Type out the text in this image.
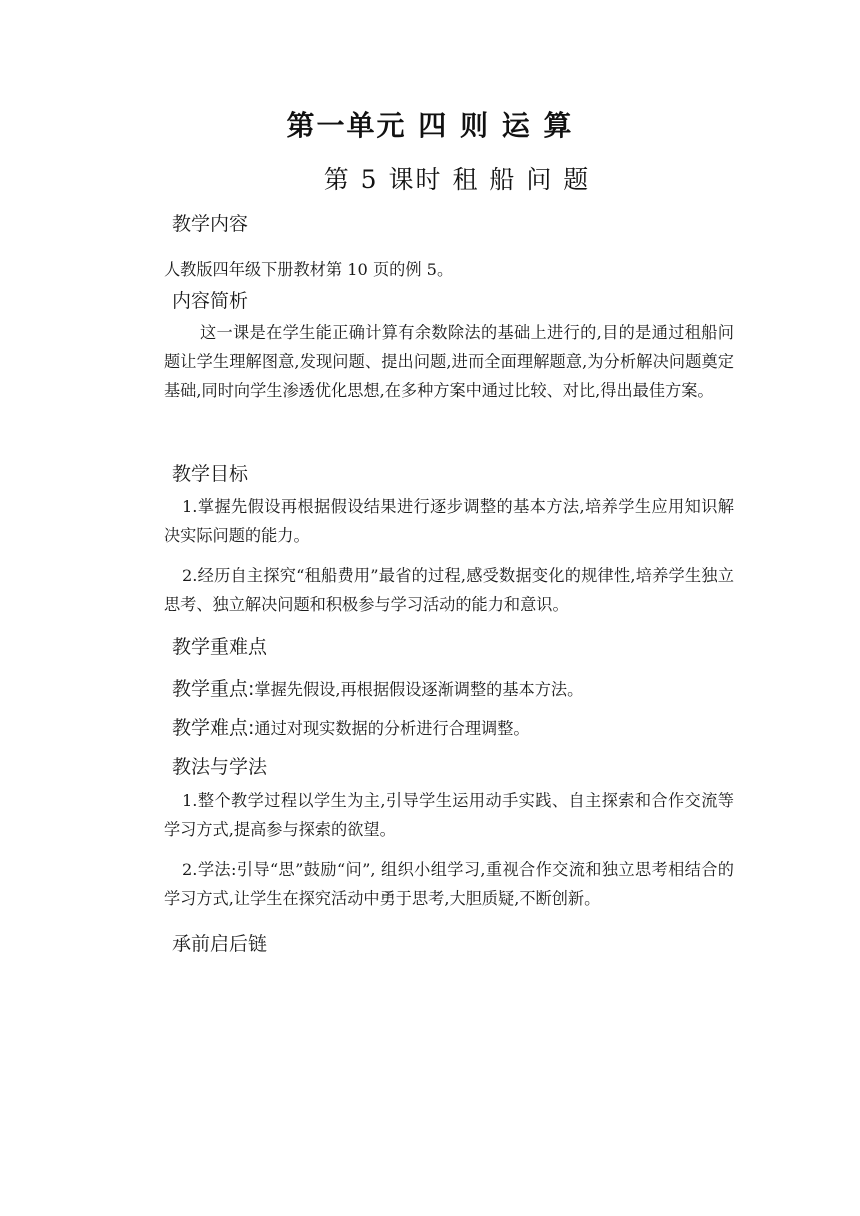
第一单元 四 则 运 算
第 5 课时 租 船 问 题
教学内容
人教版四年级下册教材第 10 页的例 5。
内容简析
这一课是在学生能正确计算有余数除法的基础上进行的,目的是通过租船问题让学生理解图意,发现问题、提出问题,进而全面理解题意,为分析解决问题奠定基础,同时向学生渗透优化思想,在多种方案中通过比较、对比,得出最佳方案。
教学目标
1.掌握先假设再根据假设结果进行逐步调整的基本方法,培养学生应用知识解决实际问题的能力。
2.经历自主探究“租船费用”最省的过程,感受数据变化的规律性,培养学生独立思考、独立解决问题和积极参与学习活动的能力和意识。
教学重难点
教学重点:掌握先假设,再根据假设逐渐调整的基本方法。
教学难点:通过对现实数据的分析进行合理调整。
教法与学法
1.整个教学过程以学生为主,引导学生运用动手实践、自主探索和合作交流等学习方式,提高参与探索的欲望。
2.学法:引导“思”鼓励“问”, 组织小组学习,重视合作交流和独立思考相结合的学习方式,让学生在探究活动中勇于思考,大胆质疑,不断创新。
承前启后链
